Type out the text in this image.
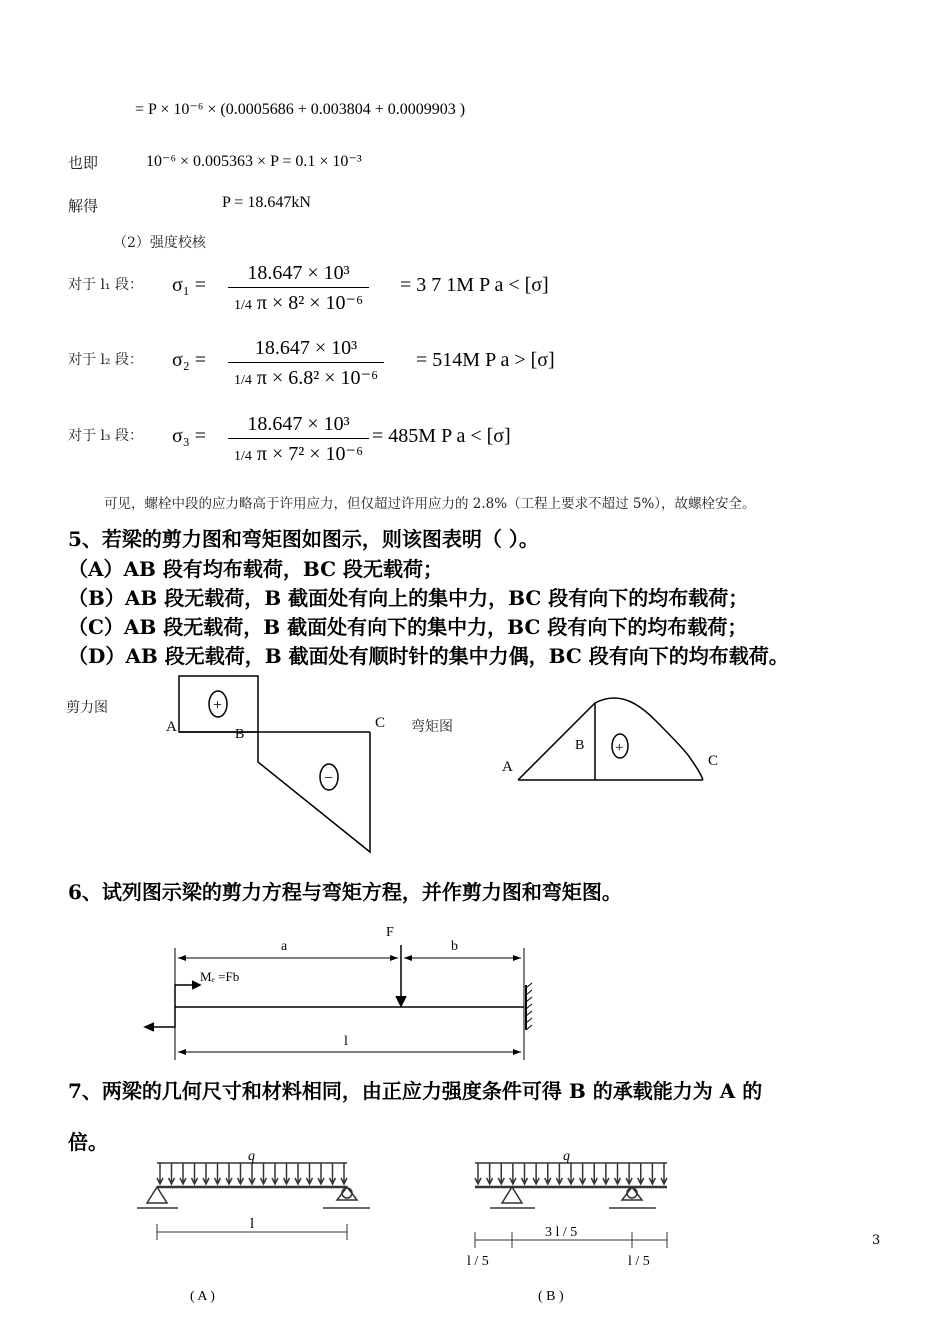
= P × 10⁻⁶ × (0.0005686 + 0.003804 + 0.0009903 )
也即	10⁻⁶ × 0.005363 × P = 0.1 × 10⁻³
解得	P = 18.647kN
（2）强度校核
对于 l₁ 段： $\sigma_1 = \frac{\text{18.647 × 10³}}{\text{1/4 π × 8² × 10⁻⁶}} = 3$ 7 1M P a < [σ]
对于 l₂ 段： $\sigma_2 = \frac{\text{18.647 × 10³}}{\text{1/4 π × 6.8² × 10⁻⁶}} = 514M$ P a > [σ]
对于 l₃ 段： $\sigma_3 = \frac{\text{18.647 × 10³}}{\text{1/4 π × 7² × 10⁻⁶}} = 485M$ P a < [σ]
可见，螺栓中段的应力略高于许用应力，但仅超过许用应力的 2.8%（工程上要求不超过 5%），故螺栓安全。
5、若梁的剪力图和弯矩图如图示，则该图表明（ ）。
（A）AB 段有均布载荷，BC 段无载荷；
（B）AB 段无载荷，B 截面处有向上的集中力，BC 段有向下的均布载荷；
（C）AB 段无载荷，B 截面处有向下的集中力，BC 段有向下的均布载荷；
（D）AB 段无载荷，B 截面处有顺时针的集中力偶，BC 段有向下的均布载荷。
剪力图
弯矩图
+
−
A	B
C
+
A
B
C
F
a	b
Mₑ =Fb
l
q
l
( A )
q
3 l / 5
l / 5	l / 5
( B )
6、试列图示梁的剪力方程与弯矩方程，并作剪力图和弯矩图。
7、两梁的几何尺寸和材料相同，由正应力强度条件可得 B 的承载能力为 A 的
倍。
3
